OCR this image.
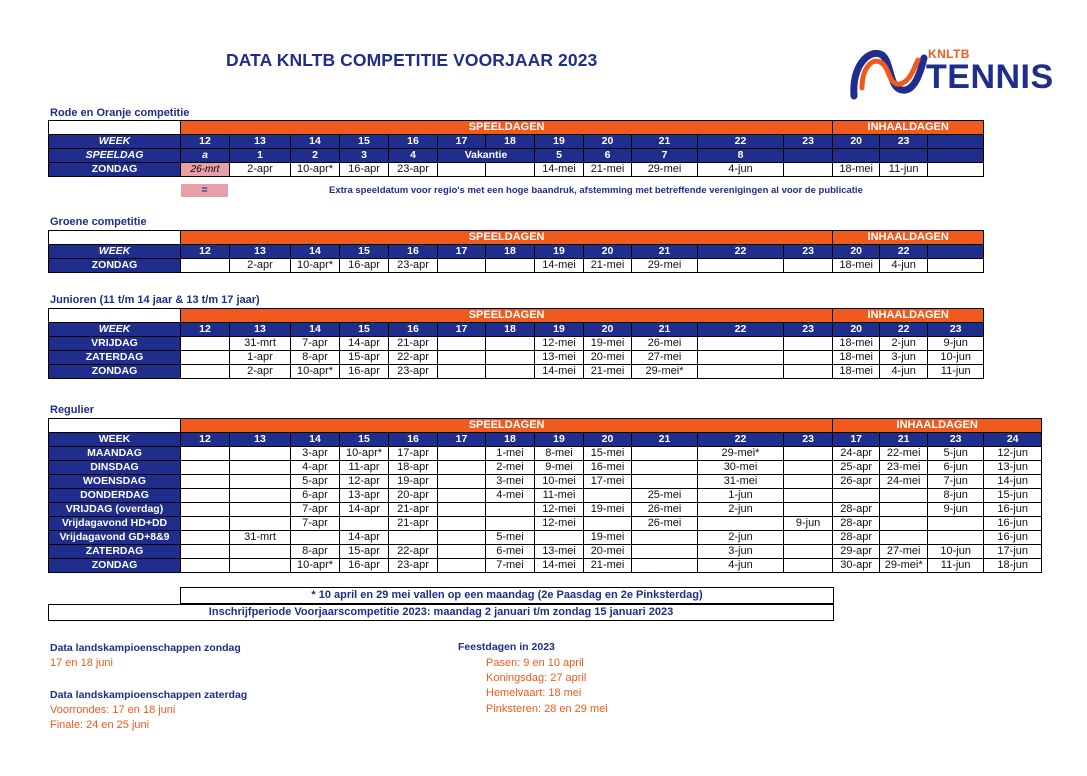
DATA KNLTB COMPETITIE VOORJAAR 2023	KNLTB
TENNIS
Rode en Oranje competitie
	SPEELDAGEN												INHAALDAGEN		
WEEK	12	13	14	15	16	17	18	19	20	21	22	23	20	23	
SPEELDAG	a	1	2	3	4	Vakantie		5	6	7	8				
ZONDAG	26-mrt	2-apr	10-apr*	16-apr	23-apr			14-mei	21-mei	29-mei	4-jun		18-mei	11-jun	
=	Extra speeldatum voor regio's met een hoge baandruk, afstemming met betreffende verenigingen al voor de publicatie
Groene competitie
	SPEELDAGEN												INHAALDAGEN		
WEEK	12	13	14	15	16	17	18	19	20	21	22	23	20	22	
ZONDAG		2-apr	10-apr*	16-apr	23-apr			14-mei	21-mei	29-mei			18-mei	4-jun	
Junioren (11 t/m 14 jaar & 13 t/m 17 jaar)
	SPEELDAGEN												INHAALDAGEN		
WEEK	12	13	14	15	16	17	18	19	20	21	22	23	20	22	23
VRIJDAG		31-mrt	7-apr	14-apr	21-apr			12-mei	19-mei	26-mei			18-mei	2-jun	9-jun
ZATERDAG		1-apr	8-apr	15-apr	22-apr			13-mei	20-mei	27-mei			18-mei	3-jun	10-jun
ZONDAG		2-apr	10-apr*	16-apr	23-apr			14-mei	21-mei	29-mei*			18-mei	4-jun	11-jun
Regulier
	SPEELDAGEN												INHAALDAGEN			
WEEK	12	13	14	15	16	17	18	19	20	21	22	23	17	21	23	24
MAANDAG			3-apr	10-apr*	17-apr		1-mei	8-mei	15-mei		29-mei*		24-apr	22-mei	5-jun	12-jun
DINSDAG			4-apr	11-apr	18-apr		2-mei	9-mei	16-mei		30-mei		25-apr	23-mei	6-jun	13-jun
WOENSDAG			5-apr	12-apr	19-apr		3-mei	10-mei	17-mei		31-mei		26-apr	24-mei	7-jun	14-jun
DONDERDAG			6-apr	13-apr	20-apr		4-mei	11-mei		25-mei	1-jun				8-jun	15-jun
VRIJDAG (overdag)			7-apr	14-apr	21-apr			12-mei	19-mei	26-mei	2-jun		28-apr		9-jun	16-jun
Vrijdagavond HD+DD			7-apr		21-apr			12-mei		26-mei		9-jun	28-apr			16-jun
Vrijdagavond GD+8&9		31-mrt		14-apr			5-mei		19-mei		2-jun		28-apr			16-jun
ZATERDAG			8-apr	15-apr	22-apr		6-mei	13-mei	20-mei		3-jun		29-apr	27-mei	10-jun	17-jun
ZONDAG			10-apr*	16-apr	23-apr		7-mei	14-mei	21-mei		4-jun		30-apr	29-mei*	11-jun	18-jun
* 10 april en 29 mei vallen op een maandag (2e Paasdag en 2e Pinksterdag)
Inschrijfperiode Voorjaarscompetitie 2023: maandag 2 januari t/m zondag 15 januari 2023
Data landskampioenschappen zondag
17 en 18 juni
Data landskampioenschappen zaterdag
Voorrondes: 17 en 18 juni
Finale: 24 en 25 juni
Feestdagen in 2023
Pasen: 9 en 10 april
Koningsdag: 27 april
Hemelvaart: 18 mei
Pinksteren: 28 en 29 mei
